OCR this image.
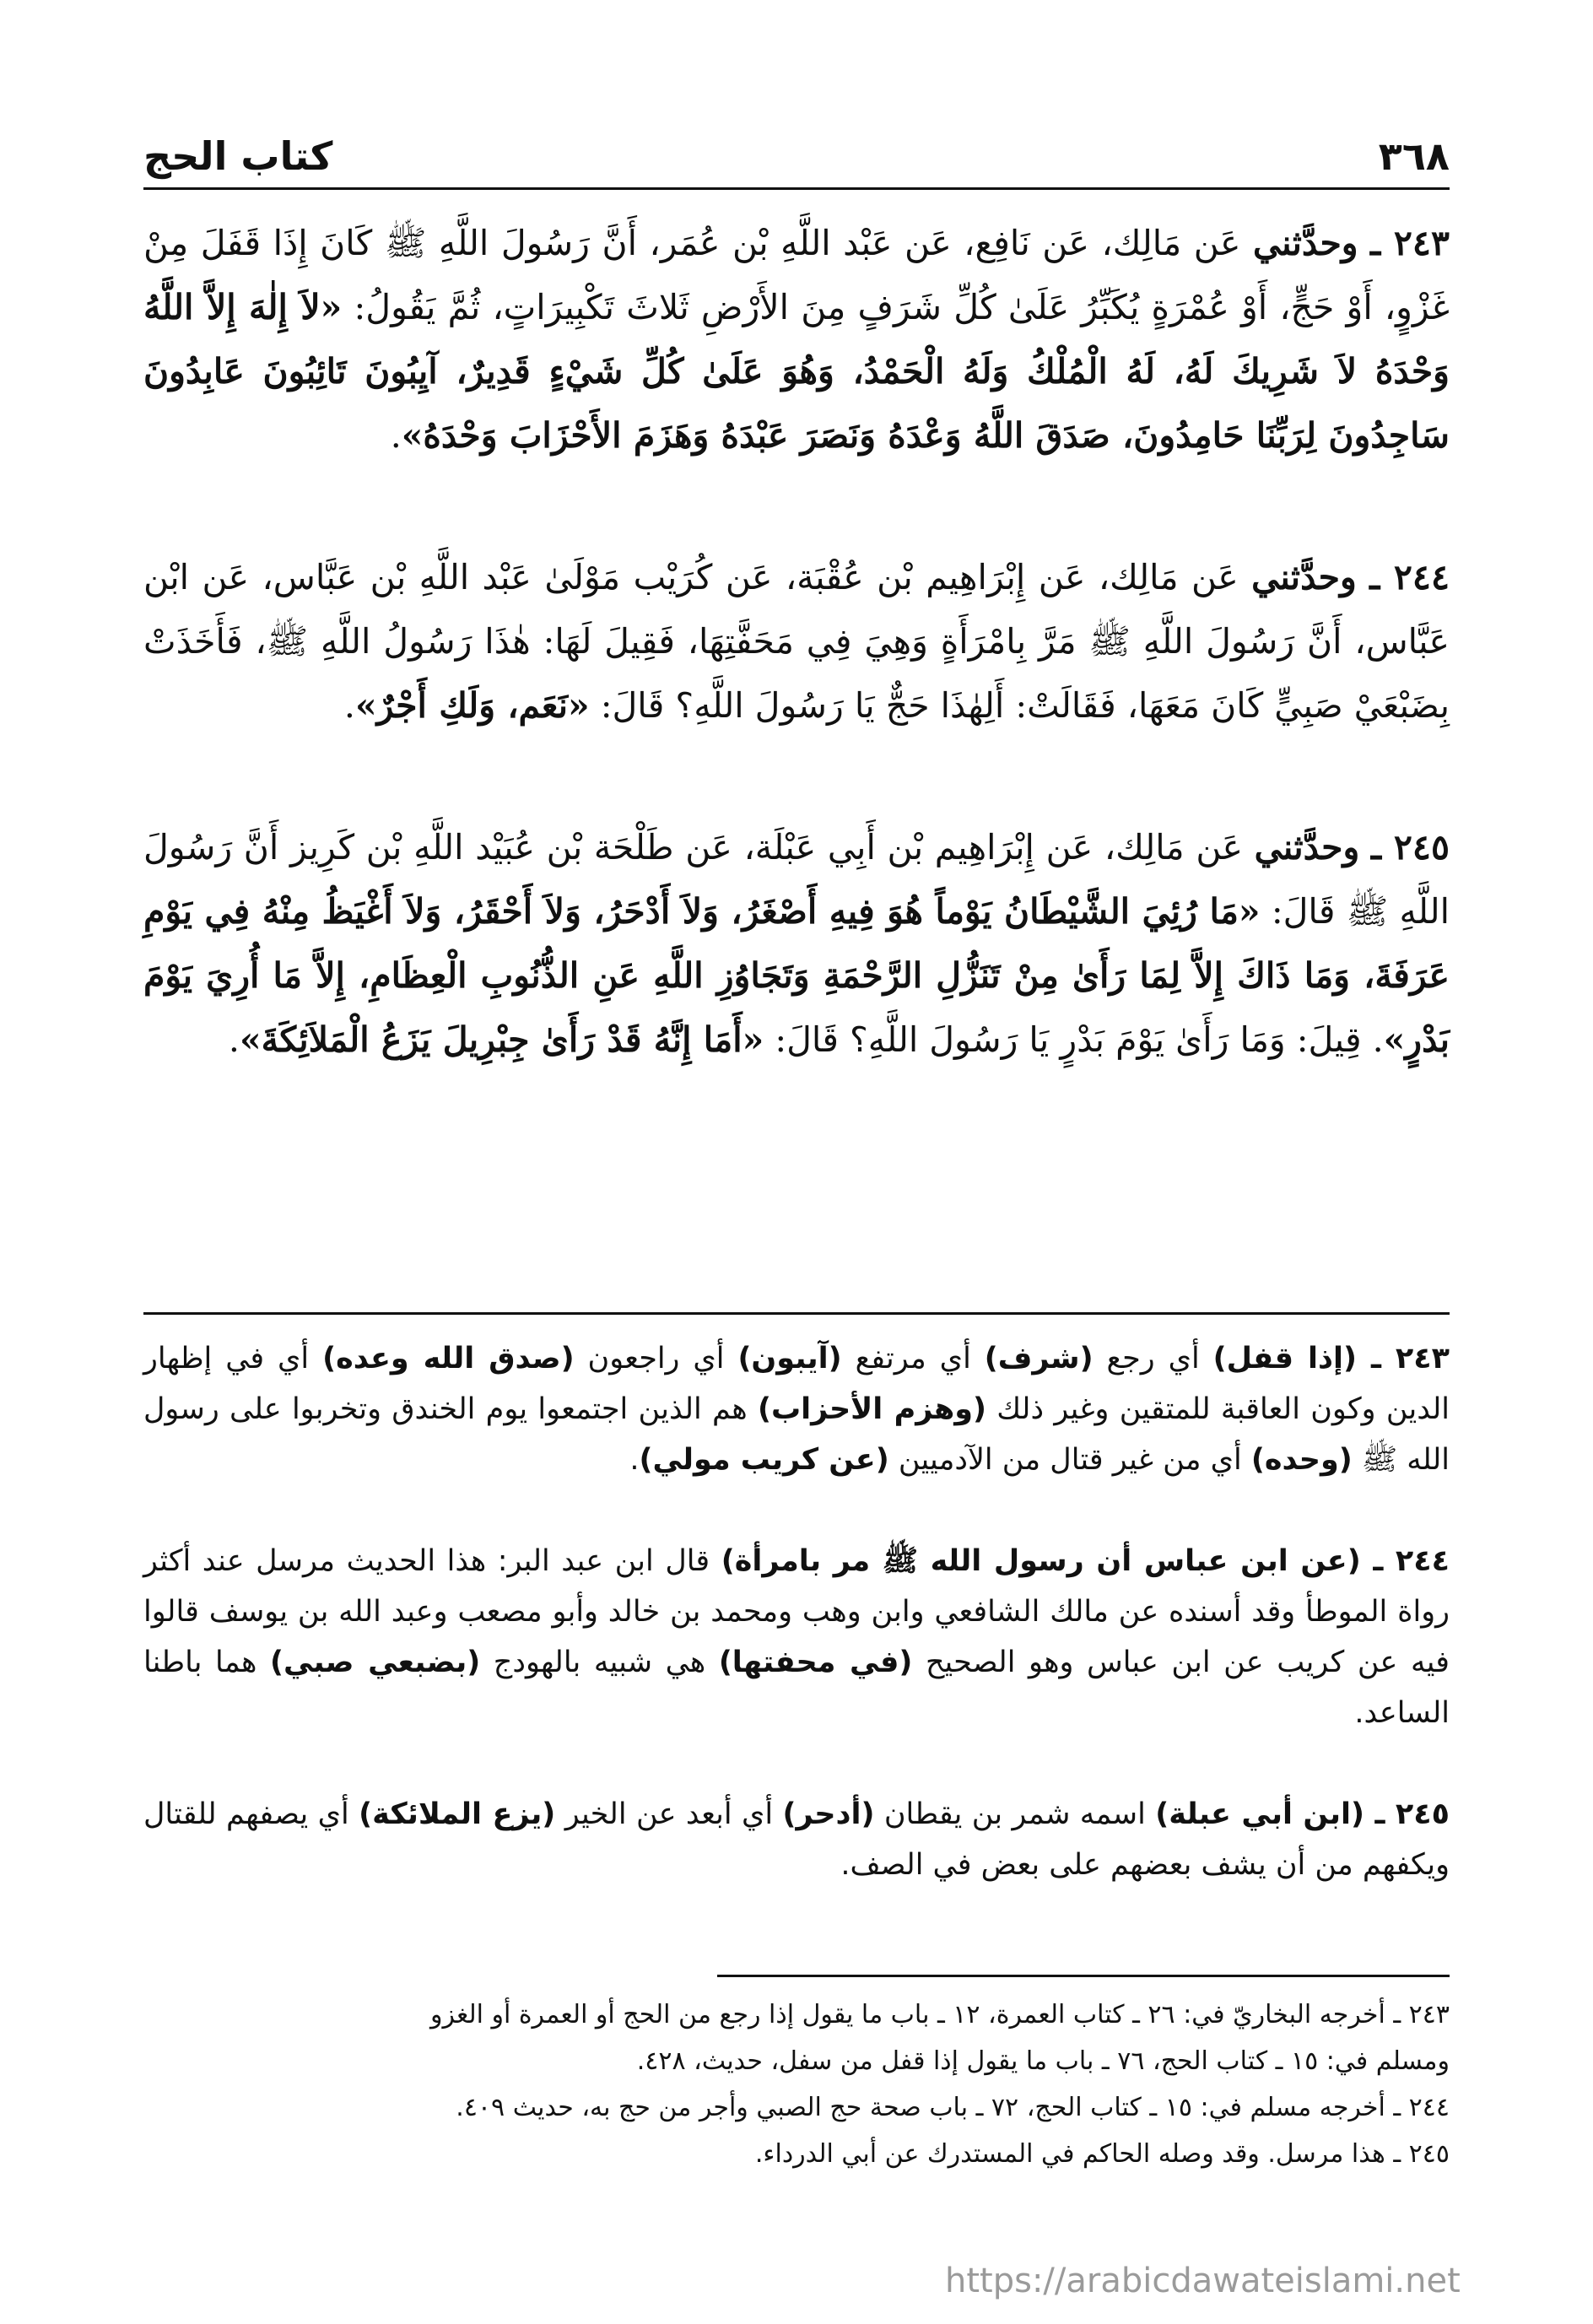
كتاب الحج	٣٦٨

٢٤٣ ـ وحدَّثني عَن مَالِك، عَن نَافِع، عَن عَبْد اللَّهِ بْن عُمَر، أَنَّ رَسُولَ اللَّهِ ﷺ كَانَ إِذَا قَفَلَ مِنْ غَزْوٍ، أَوْ حَجٍّ، أَوْ عُمْرَةٍ يُكَبِّرُ عَلَىٰ كُلِّ شَرَفٍ مِنَ الأَرْضِ ثَلاثَ تَكْبِيرَاتٍ، ثُمَّ يَقُولُ: «لاَ إِلٰهَ إِلاَّ اللَّهُ وَحْدَهُ لاَ شَرِيكَ لَهُ، لَهُ الْمُلْكُ وَلَهُ الْحَمْدُ، وَهُوَ عَلَىٰ كُلِّ شَيْءٍ قَدِيرٌ، آيِبُونَ تَائِبُونَ عَابِدُونَ سَاجِدُونَ لِرَبِّنَا حَامِدُونَ، صَدَقَ اللَّهُ وَعْدَهُ وَنَصَرَ عَبْدَهُ وَهَزَمَ الأَحْزَابَ وَحْدَهُ».

٢٤٤ ـ وحدَّثني عَن مَالِك، عَن إِبْرَاهِيم بْن عُقْبَة، عَن كُرَيْب مَوْلَىٰ عَبْد اللَّهِ بْن عَبَّاس، عَن ابْن عَبَّاس، أَنَّ رَسُولَ اللَّهِ ﷺ مَرَّ بِامْرَأَةٍ وَهِيَ فِي مَحَفَّتِهَا، فَقِيلَ لَهَا: هٰذَا رَسُولُ اللَّهِ ﷺ، فَأَخَذَتْ بِضَبْعَيْ صَبِيٍّ كَانَ مَعَهَا، فَقَالَتْ: أَلِهٰذَا حَجٌّ يَا رَسُولَ اللَّهِ؟ قَالَ: «نَعَم، وَلَكِ أَجْرٌ».

٢٤٥ ـ وحدَّثني عَن مَالِك، عَن إِبْرَاهِيم بْن أَبِي عَبْلَة، عَن طَلْحَة بْن عُبَيْد اللَّهِ بْن كَرِيز أَنَّ رَسُولَ اللَّهِ ﷺ قَالَ: «مَا رُئِيَ الشَّيْطَانُ يَوْماً هُوَ فِيهِ أَصْغَرُ، وَلاَ أَدْحَرُ، وَلاَ أَحْقَرُ، وَلاَ أَغْيَظُ مِنْهُ فِي يَوْمِ عَرَفَةَ، وَمَا ذَاكَ إِلاَّ لِمَا رَأَىٰ مِنْ تَنَزُّلِ الرَّحْمَةِ وَتَجَاوُزِ اللَّهِ عَنِ الذُّنُوبِ الْعِظَامِ، إِلاَّ مَا أُرِيَ يَوْمَ بَدْرٍ». قِيلَ: وَمَا رَأَىٰ يَوْمَ بَدْرٍ يَا رَسُولَ اللَّهِ؟ قَالَ: «أَمَا إِنَّهُ قَدْ رَأَىٰ جِبْرِيلَ يَزَعُ الْمَلاَئِكَةَ».

٢٤٣ ـ (إذا قفل) أي رجع (شرف) أي مرتفع (آيبون) أي راجعون (صدق الله وعده) أي في إظهار الدين وكون العاقبة للمتقين وغير ذلك (وهزم الأحزاب) هم الذين اجتمعوا يوم الخندق وتخربوا على رسول الله ﷺ (وحده) أي من غير قتال من الآدميين (عن كريب مولي).

٢٤٤ ـ (عن ابن عباس أن رسول الله ﷺ مر بامرأة) قال ابن عبد البر: هذا الحديث مرسل عند أكثر رواة الموطأ وقد أسنده عن مالك الشافعي وابن وهب ومحمد بن خالد وأبو مصعب وعبد الله بن يوسف قالوا فيه عن كريب عن ابن عباس وهو الصحيح (في محفتها) هي شبيه بالهودج (بضبعي صبي) هما باطنا الساعد.

٢٤٥ ـ (ابن أبي عبلة) اسمه شمر بن يقطان (أدحر) أي أبعد عن الخير (يزع الملائكة) أي يصفهم للقتال ويكفهم من أن يشف بعضهم على بعض في الصف.

٢٤٣ ـ أخرجه البخاريّ في: ٢٦ ـ كتاب العمرة، ١٢ ـ باب ما يقول إذا رجع من الحج أو العمرة أو الغزو
ومسلم في: ١٥ ـ كتاب الحج، ٧٦ ـ باب ما يقول إذا قفل من سفل، حديث، ٤٢٨.
٢٤٤ ـ أخرجه مسلم في: ١٥ ـ كتاب الحج، ٧٢ ـ باب صحة حج الصبي وأجر من حج به، حديث ٤٠٩.
٢٤٥ ـ هذا مرسل. وقد وصله الحاكم في المستدرك عن أبي الدرداء.
https://arabicdawateislami.net
